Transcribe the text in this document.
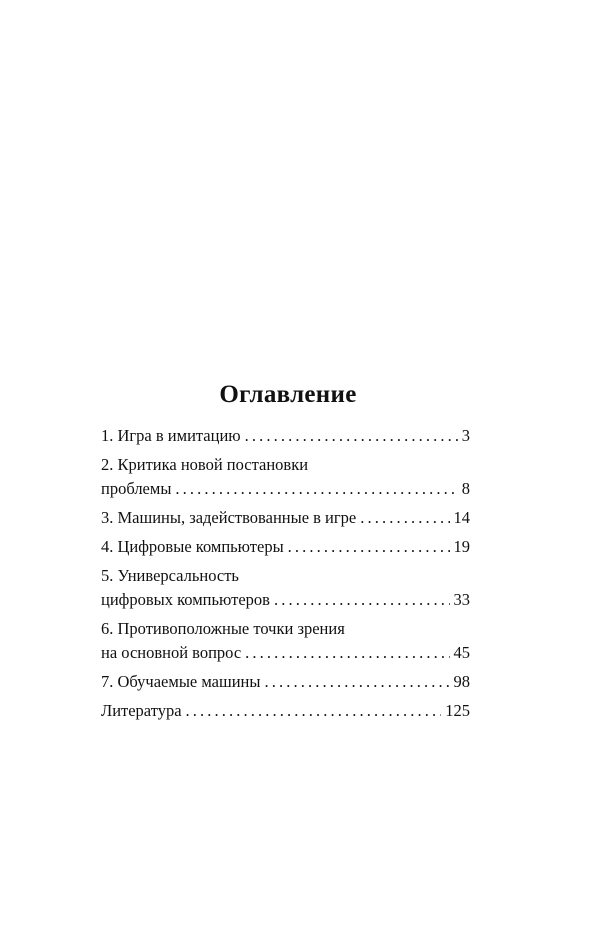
Оглавление
1. Игра в имитацию . . .	3
2. Критика новой постановки
проблемы . . .	8
3. Машины, задействованные в игре . . .	14
4. Цифровые компьютеры . . .	19
5. Универсальность
цифровых компьютеров . . .	33
6. Противоположные точки зрения
на основной вопрос . . .	45
7. Обучаемые машины . . .	98
Литература . . .	125
